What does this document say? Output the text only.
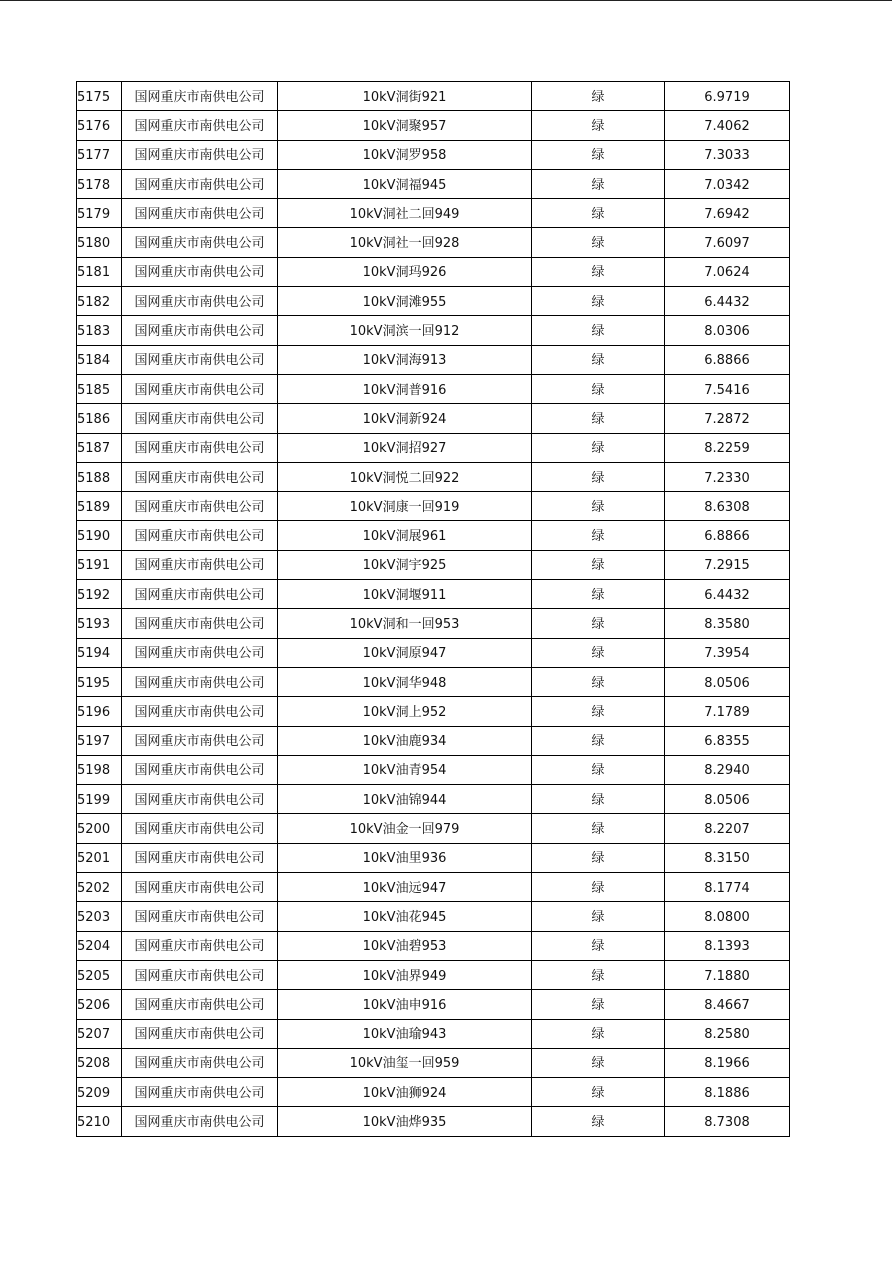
5175	国网重庆市南供电公司	10kV洞街921	绿	6.9719
5176	国网重庆市南供电公司	10kV洞聚957	绿	7.4062
5177	国网重庆市南供电公司	10kV洞罗958	绿	7.3033
5178	国网重庆市南供电公司	10kV洞福945	绿	7.0342
5179	国网重庆市南供电公司	10kV洞社二回949	绿	7.6942
5180	国网重庆市南供电公司	10kV洞社一回928	绿	7.6097
5181	国网重庆市南供电公司	10kV洞玛926	绿	7.0624
5182	国网重庆市南供电公司	10kV洞滩955	绿	6.4432
5183	国网重庆市南供电公司	10kV洞滨一回912	绿	8.0306
5184	国网重庆市南供电公司	10kV洞海913	绿	6.8866
5185	国网重庆市南供电公司	10kV洞普916	绿	7.5416
5186	国网重庆市南供电公司	10kV洞新924	绿	7.2872
5187	国网重庆市南供电公司	10kV洞招927	绿	8.2259
5188	国网重庆市南供电公司	10kV洞悦二回922	绿	7.2330
5189	国网重庆市南供电公司	10kV洞康一回919	绿	8.6308
5190	国网重庆市南供电公司	10kV洞展961	绿	6.8866
5191	国网重庆市南供电公司	10kV洞宇925	绿	7.2915
5192	国网重庆市南供电公司	10kV洞堰911	绿	6.4432
5193	国网重庆市南供电公司	10kV洞和一回953	绿	8.3580
5194	国网重庆市南供电公司	10kV洞原947	绿	7.3954
5195	国网重庆市南供电公司	10kV洞华948	绿	8.0506
5196	国网重庆市南供电公司	10kV洞上952	绿	7.1789
5197	国网重庆市南供电公司	10kV油鹿934	绿	6.8355
5198	国网重庆市南供电公司	10kV油青954	绿	8.2940
5199	国网重庆市南供电公司	10kV油锦944	绿	8.0506
5200	国网重庆市南供电公司	10kV油金一回979	绿	8.2207
5201	国网重庆市南供电公司	10kV油里936	绿	8.3150
5202	国网重庆市南供电公司	10kV油远947	绿	8.1774
5203	国网重庆市南供电公司	10kV油花945	绿	8.0800
5204	国网重庆市南供电公司	10kV油碧953	绿	8.1393
5205	国网重庆市南供电公司	10kV油界949	绿	7.1880
5206	国网重庆市南供电公司	10kV油申916	绿	8.4667
5207	国网重庆市南供电公司	10kV油瑜943	绿	8.2580
5208	国网重庆市南供电公司	10kV油玺一回959	绿	8.1966
5209	国网重庆市南供电公司	10kV油狮924	绿	8.1886
5210	国网重庆市南供电公司	10kV油烨935	绿	8.7308
